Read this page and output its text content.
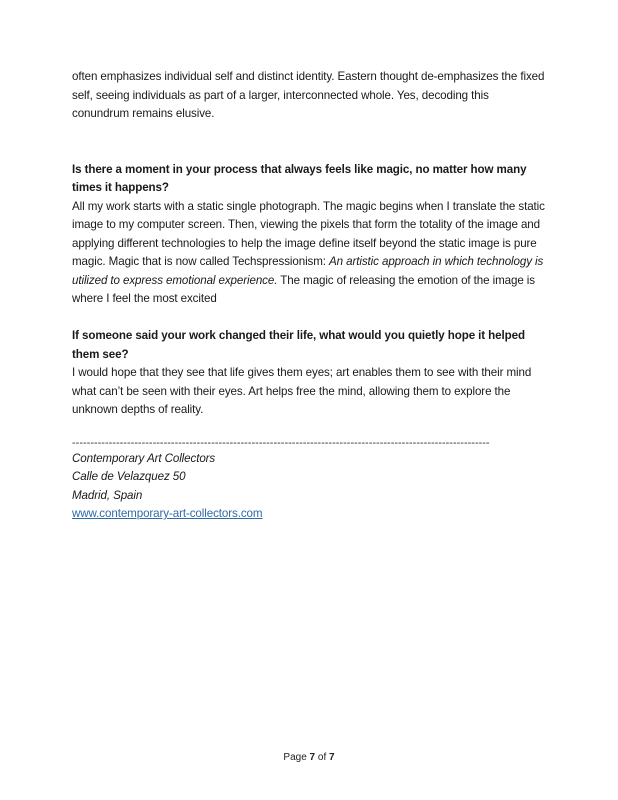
often emphasizes individual self and distinct identity. Eastern thought de-emphasizes the fixed self, seeing individuals as part of a larger, interconnected whole. Yes, decoding this conundrum remains elusive.

Is there a moment in your process that always feels like magic, no matter how many times it happens?

All my work starts with a static single photograph. The magic begins when I translate the static image to my computer screen. Then, viewing the pixels that form the totality of the image and applying different technologies to help the image define itself beyond the static image is pure magic. Magic that is now called Techspressionism: An artistic approach in which technology is utilized to express emotional experience. The magic of releasing the emotion of the image is where I feel the most excited

If someone said your work changed their life, what would you quietly hope it helped them see?

I would hope that they see that life gives them eyes; art enables them to see with their mind what can’t be seen with their eyes. Art helps free the mind, allowing them to explore the unknown depths of reality.

------------------------------------------------------------------------------------------------------------------

Contemporary Art Collectors

Calle de Velazquez 50

Madrid, Spain

www.contemporary-art-collectors.com

Page 7 of 7
